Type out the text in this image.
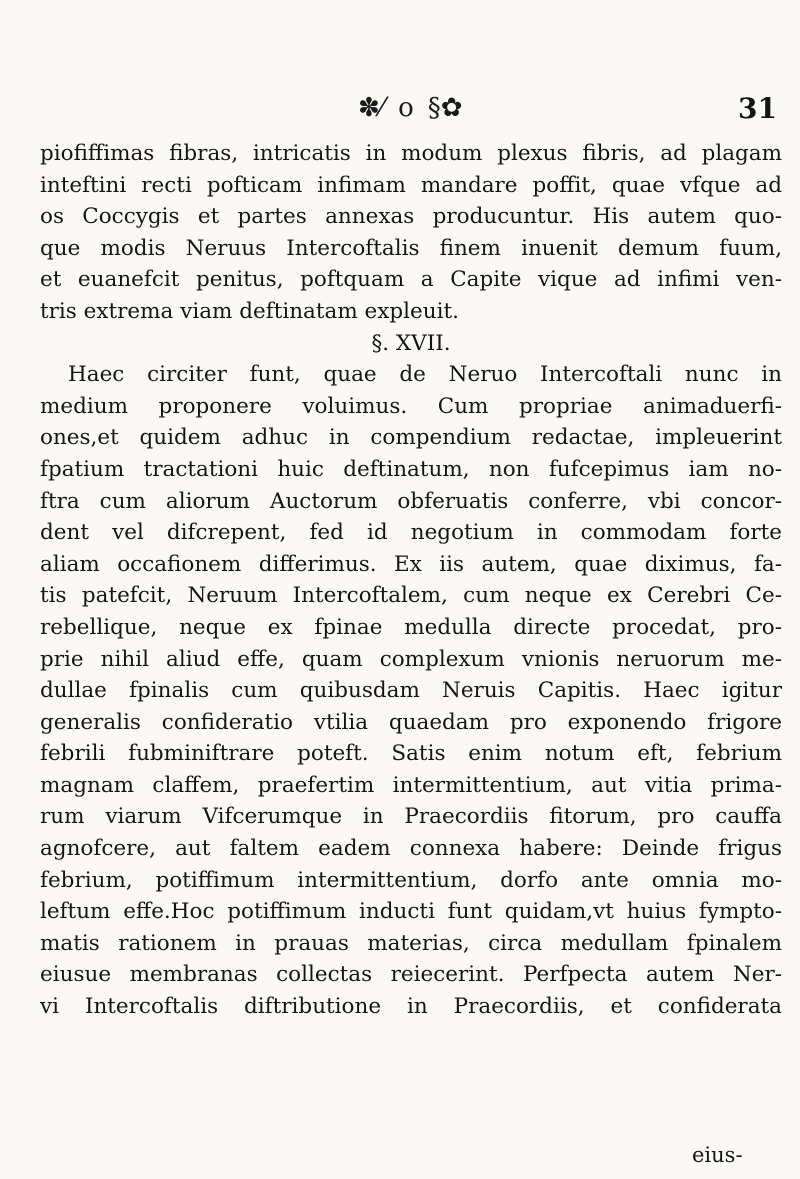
✽⁄ o §✿	31
piofiffimas fibras, intricatis in modum plexus fibris, ad plagam
inteftini recti pofticam infimam mandare poffit, quae vfque ad
os Coccygis et partes annexas producuntur. His autem quo-
que modis Neruus Intercoftalis finem inuenit demum fuum,
et euanefcit penitus, poftquam a Capite vique ad infimi ven-
tris extrema viam deftinatam expleuit.
§. XVII.
Haec circiter funt, quae de Neruo Intercoftali nunc in
medium proponere voluimus. Cum propriae animaduerfi-
ones,et quidem adhuc in compendium redactae, impleuerint
fpatium tractationi huic deftinatum, non fufcepimus iam no-
ftra cum aliorum Auctorum obferuatis conferre, vbi concor-
dent vel difcrepent, fed id negotium in commodam forte
aliam occafionem differimus. Ex iis autem, quae diximus, fa-
tis patefcit, Neruum Intercoftalem, cum neque ex Cerebri Ce-
rebellique, neque ex fpinae medulla directe procedat, pro-
prie nihil aliud effe, quam complexum vnionis neruorum me-
dullae fpinalis cum quibusdam Neruis Capitis. Haec igitur
generalis confideratio vtilia quaedam pro exponendo frigore
febrili fubminiftrare poteft. Satis enim notum eft, febrium
magnam claffem, praefertim intermittentium, aut vitia prima-
rum viarum Vifcerumque in Praecordiis fitorum, pro cauffa
agnofcere, aut faltem eadem connexa habere: Deinde frigus
febrium, potiffimum intermittentium, dorfo ante omnia mo-
leftum effe.Hoc potiffimum inducti funt quidam,vt huius fympto-
matis rationem in prauas materias, circa medullam fpinalem
eiusue membranas collectas reiecerint. Perfpecta autem Ner-
vi Intercoftalis diftributione in Praecordiis, et confiderata
eius-
